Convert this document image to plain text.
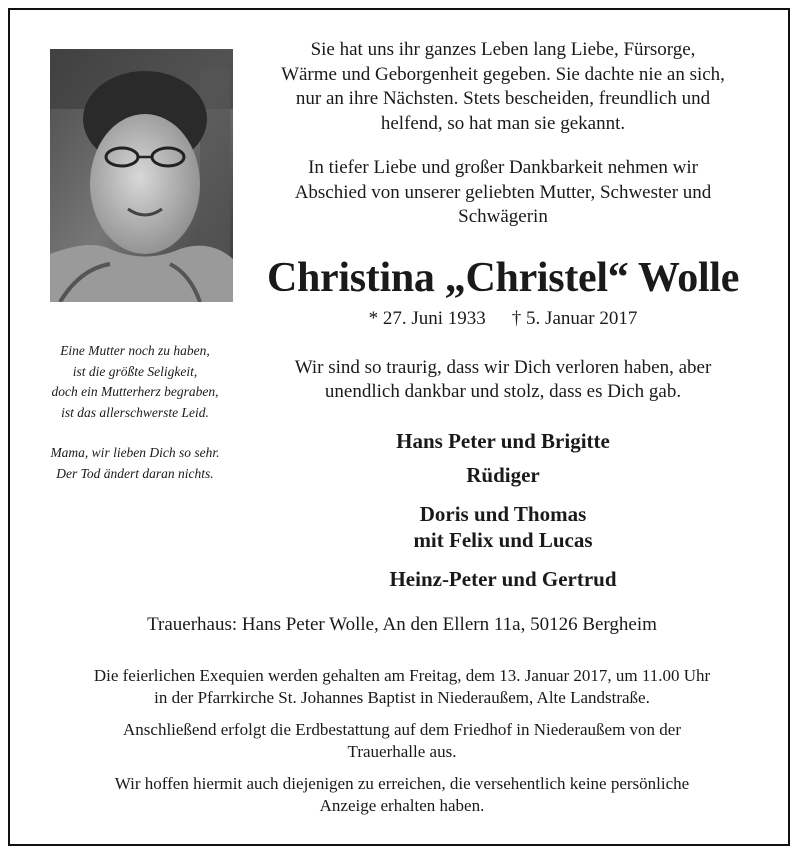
Sie hat uns ihr ganzes Leben lang Liebe, Fürsorge,
Wärme und Geborgenheit gegeben. Sie dachte nie an sich,
nur an ihre Nächsten. Stets bescheiden, freundlich und
helfend, so hat man sie gekannt.

In tiefer Liebe und großer Dankbarkeit nehmen wir
Abschied von unserer geliebten Mutter, Schwester und
Schwägerin

Christina „Christel“ Wolle
* 27. Juni 1933 † 5. Januar 2017
Wir sind so traurig, dass wir Dich verloren haben, aber
unendlich dankbar und stolz, dass es Dich gab.

Eine Mutter noch zu haben,
ist die größte Seligkeit,
doch ein Mutterherz begraben,
ist das allerschwerste Leid.

Mama, wir lieben Dich so sehr.
Der Tod ändert daran nichts.

Hans Peter und Brigitte

Rüdiger

Doris und Thomas
mit Felix und Lucas

Heinz-Peter und Gertrud

Trauerhaus: Hans Peter Wolle, An den Ellern 11a, 50126 Bergheim

Die feierlichen Exequien werden gehalten am Freitag, dem 13. Januar 2017, um 11.00 Uhr
in der Pfarrkirche St. Johannes Baptist in Niederaußem, Alte Landstraße.

Anschließend erfolgt die Erdbestattung auf dem Friedhof in Niederaußem von der
Trauerhalle aus.

Wir hoffen hiermit auch diejenigen zu erreichen, die versehentlich keine persönliche
Anzeige erhalten haben.
